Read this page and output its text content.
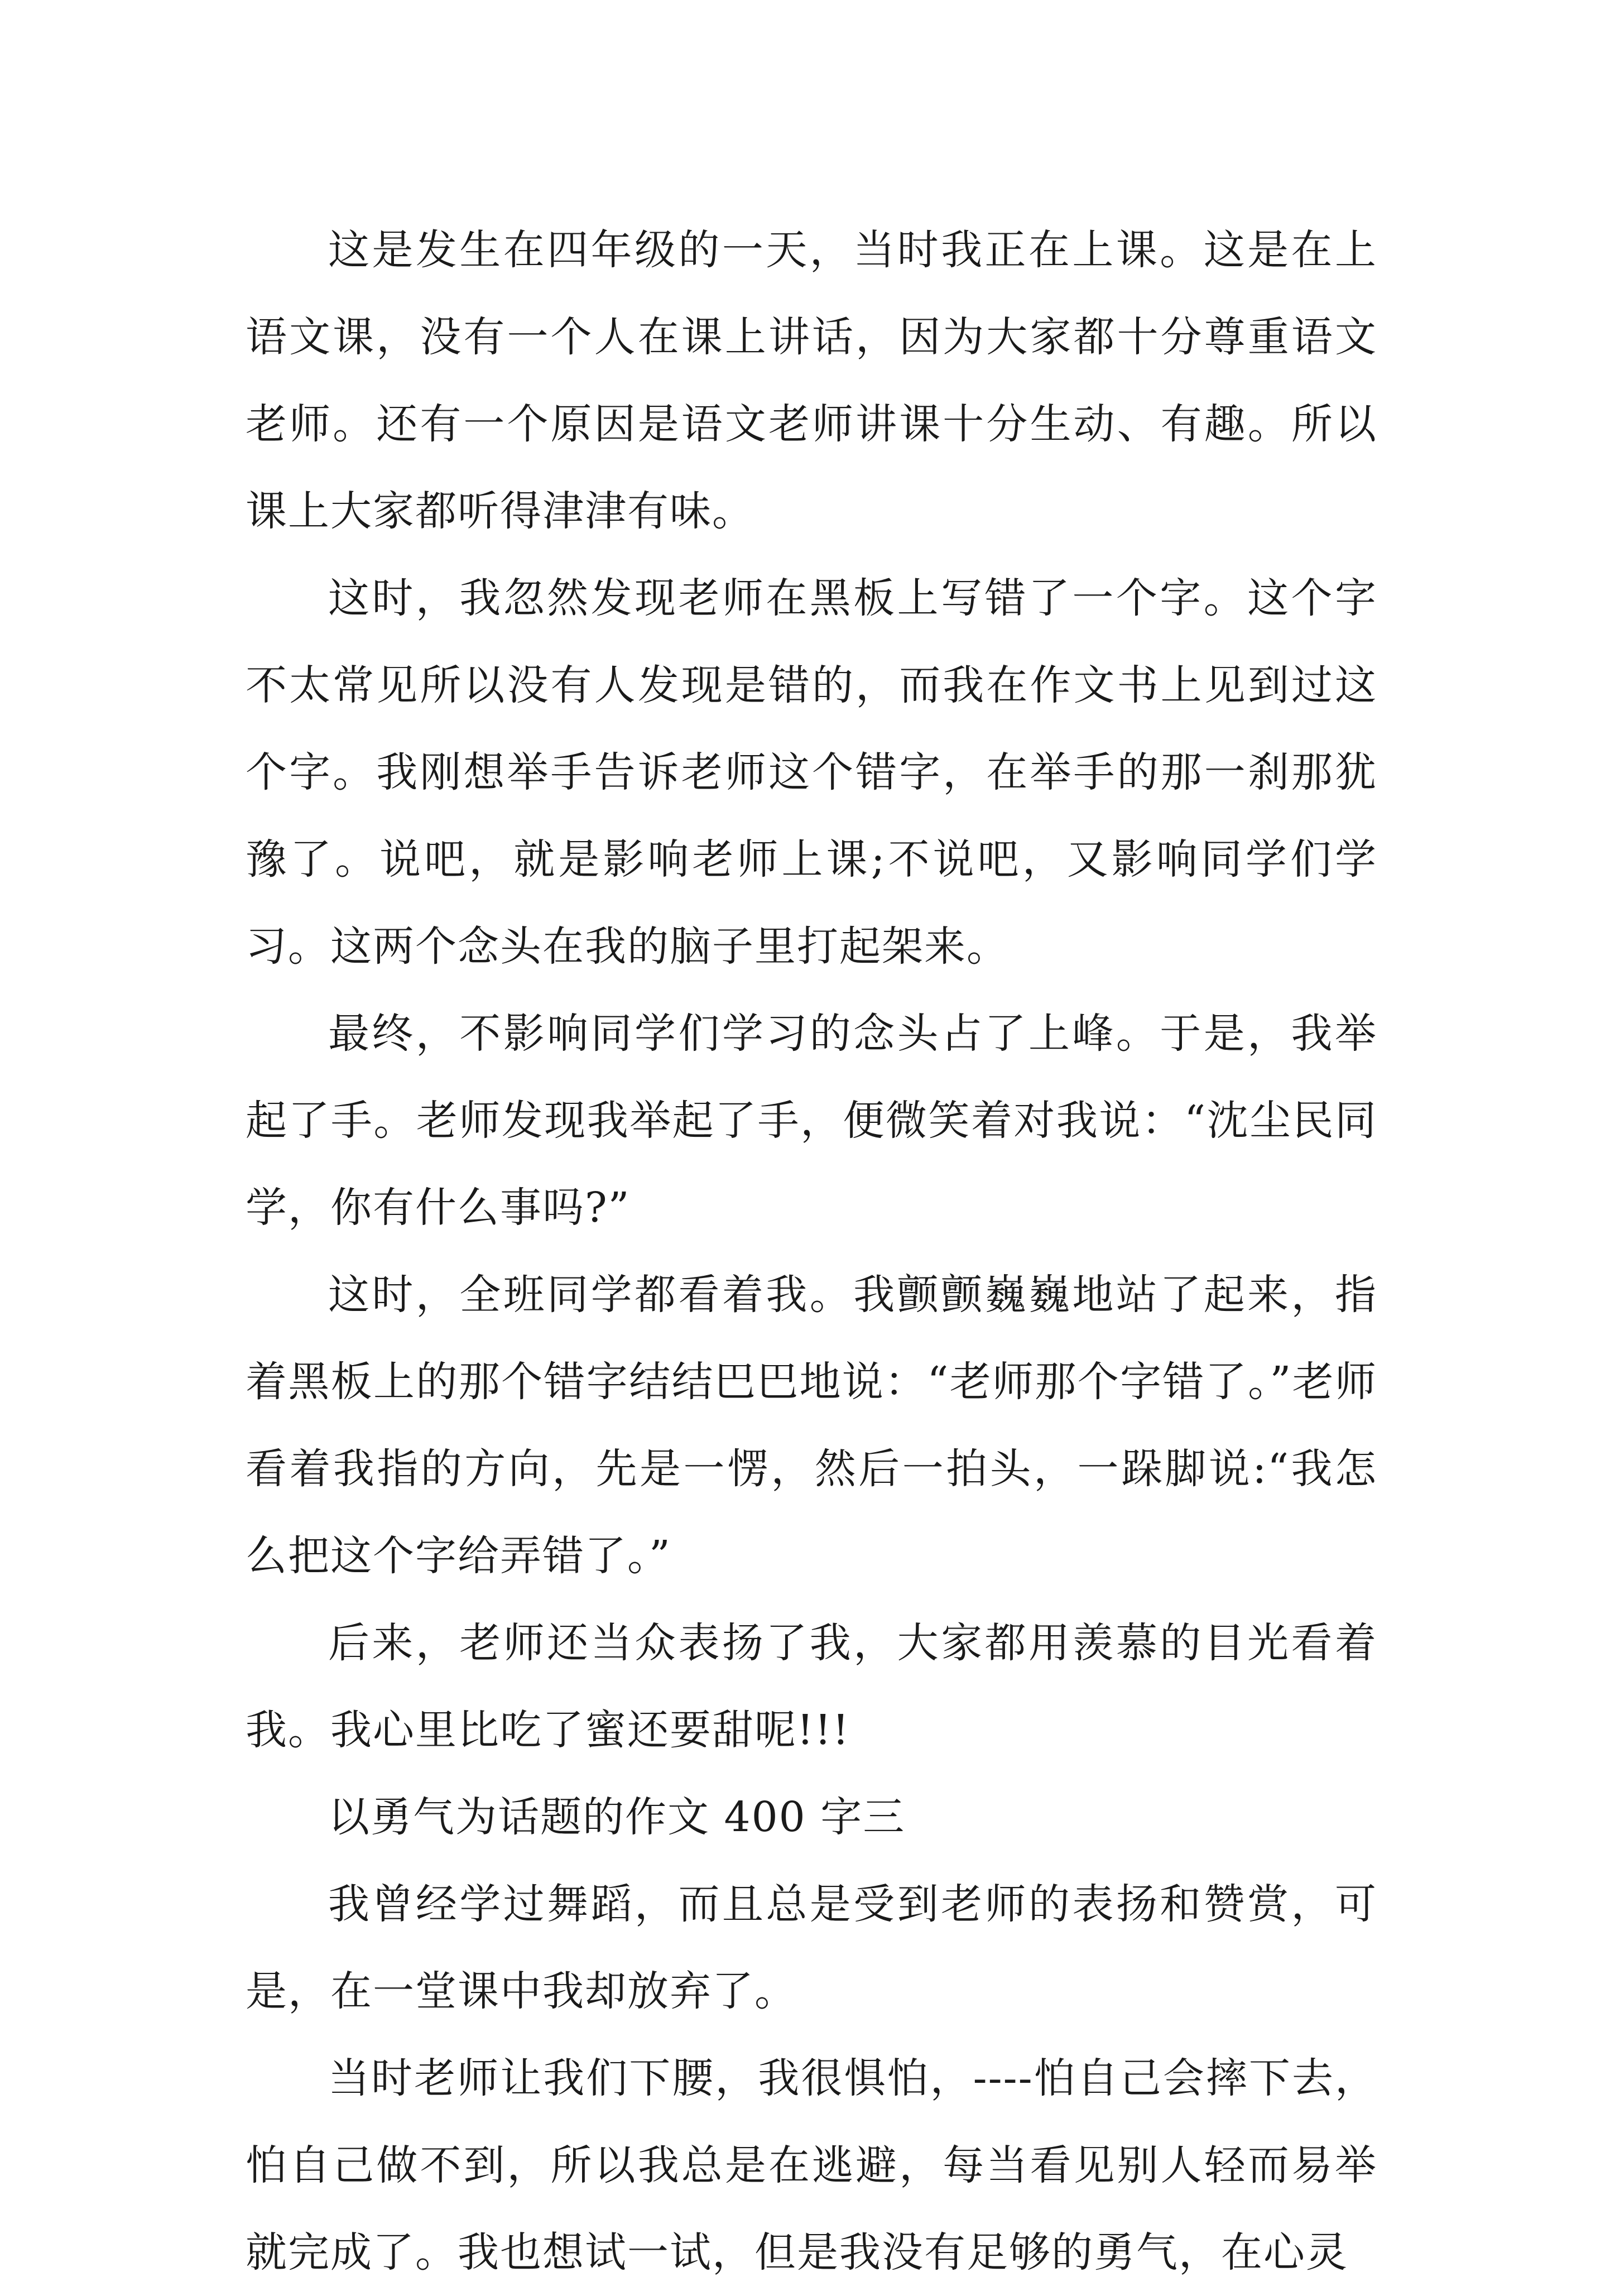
这是发生在四年级的一天，当时我正在上课。这是在上语文课，没有一个人在课上讲话，因为大家都十分尊重语文老师。还有一个原因是语文老师讲课十分生动、有趣。所以课上大家都听得津津有味。

这时，我忽然发现老师在黑板上写错了一个字。这个字不太常见所以没有人发现是错的，而我在作文书上见到过这个字。我刚想举手告诉老师这个错字，在举手的那一刹那犹豫了。说吧，就是影响老师上课;不说吧，又影响同学们学习。这两个念头在我的脑子里打起架来。

最终，不影响同学们学习的念头占了上峰。于是，我举起了手。老师发现我举起了手，便微笑着对我说：“沈尘民同学，你有什么事吗?”

这时，全班同学都看着我。我颤颤巍巍地站了起来，指着黑板上的那个错字结结巴巴地说：“老师那个字错了。”老师看着我指的方向，先是一愣，然后一拍头，一跺脚说:“我怎么把这个字给弄错了。”

后来，老师还当众表扬了我，大家都用羡慕的目光看着我。我心里比吃了蜜还要甜呢!!!

以勇气为话题的作文 400 字三

我曾经学过舞蹈，而且总是受到老师的表扬和赞赏，可是，在一堂课中我却放弃了。

当时老师让我们下腰，我很惧怕，----怕自己会摔下去，怕自己做不到，所以我总是在逃避，每当看见别人轻而易举就完成了。我也想试一试，但是我没有足够的勇气，在心灵
